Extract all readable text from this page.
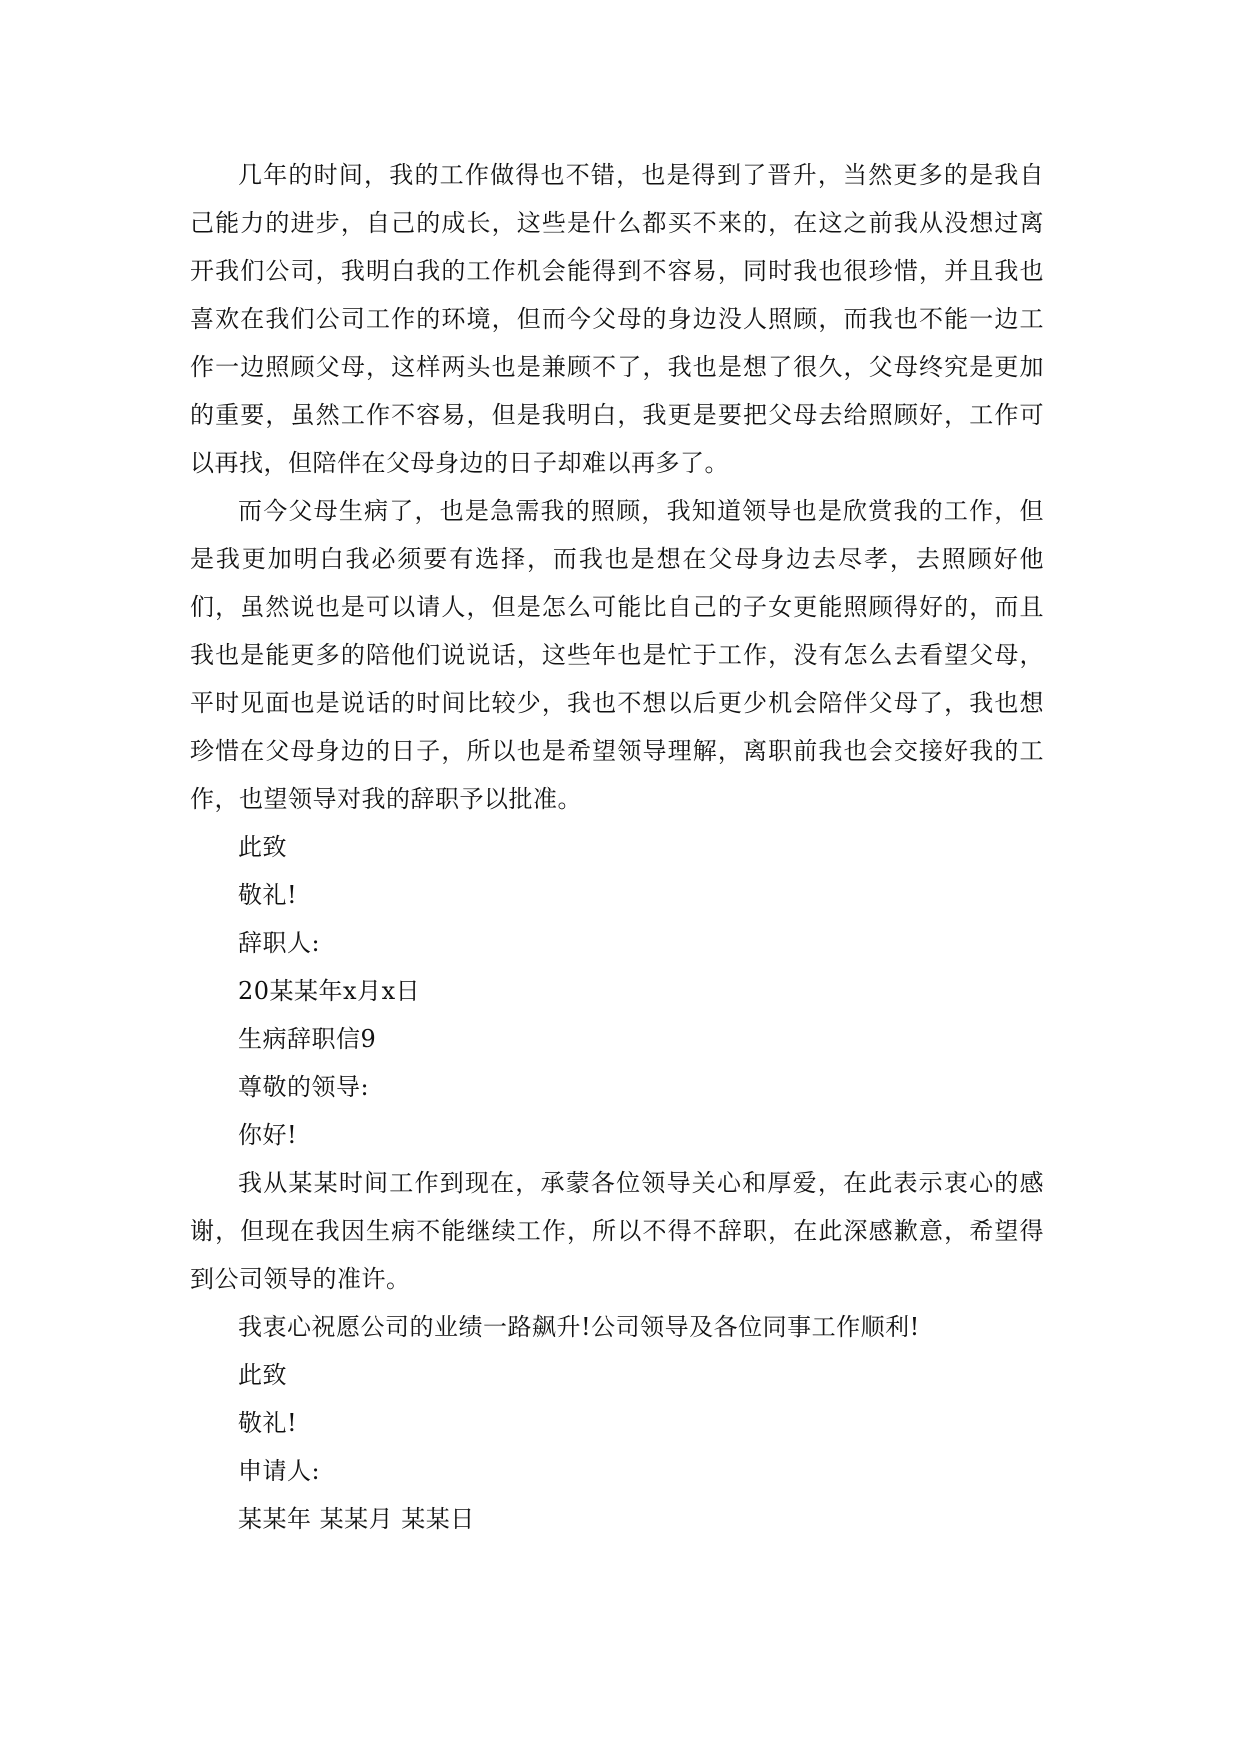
几年的时间，我的工作做得也不错，也是得到了晋升，当然更多的是我自己能力的进步，自己的成长，这些是什么都买不来的，在这之前我从没想过离开我们公司，我明白我的工作机会能得到不容易，同时我也很珍惜，并且我也喜欢在我们公司工作的环境，但而今父母的身边没人照顾，而我也不能一边工作一边照顾父母，这样两头也是兼顾不了，我也是想了很久，父母终究是更加的重要，虽然工作不容易，但是我明白，我更是要把父母去给照顾好，工作可以再找，但陪伴在父母身边的日子却难以再多了。

而今父母生病了，也是急需我的照顾，我知道领导也是欣赏我的工作，但是我更加明白我必须要有选择，而我也是想在父母身边去尽孝，去照顾好他们，虽然说也是可以请人，但是怎么可能比自己的子女更能照顾得好的，而且我也是能更多的陪他们说说话，这些年也是忙于工作，没有怎么去看望父母，平时见面也是说话的时间比较少，我也不想以后更少机会陪伴父母了，我也想珍惜在父母身边的日子，所以也是希望领导理解，离职前我也会交接好我的工作，也望领导对我的辞职予以批准。

此致

敬礼!

辞职人:

20某某年x月x日

生病辞职信9

尊敬的领导:

你好!

我从某某时间工作到现在，承蒙各位领导关心和厚爱，在此表示衷心的感谢，但现在我因生病不能继续工作，所以不得不辞职，在此深感歉意，希望得到公司领导的准许。

我衷心祝愿公司的业绩一路飙升!公司领导及各位同事工作顺利!

此致

敬礼!

申请人:

某某年 某某月 某某日
